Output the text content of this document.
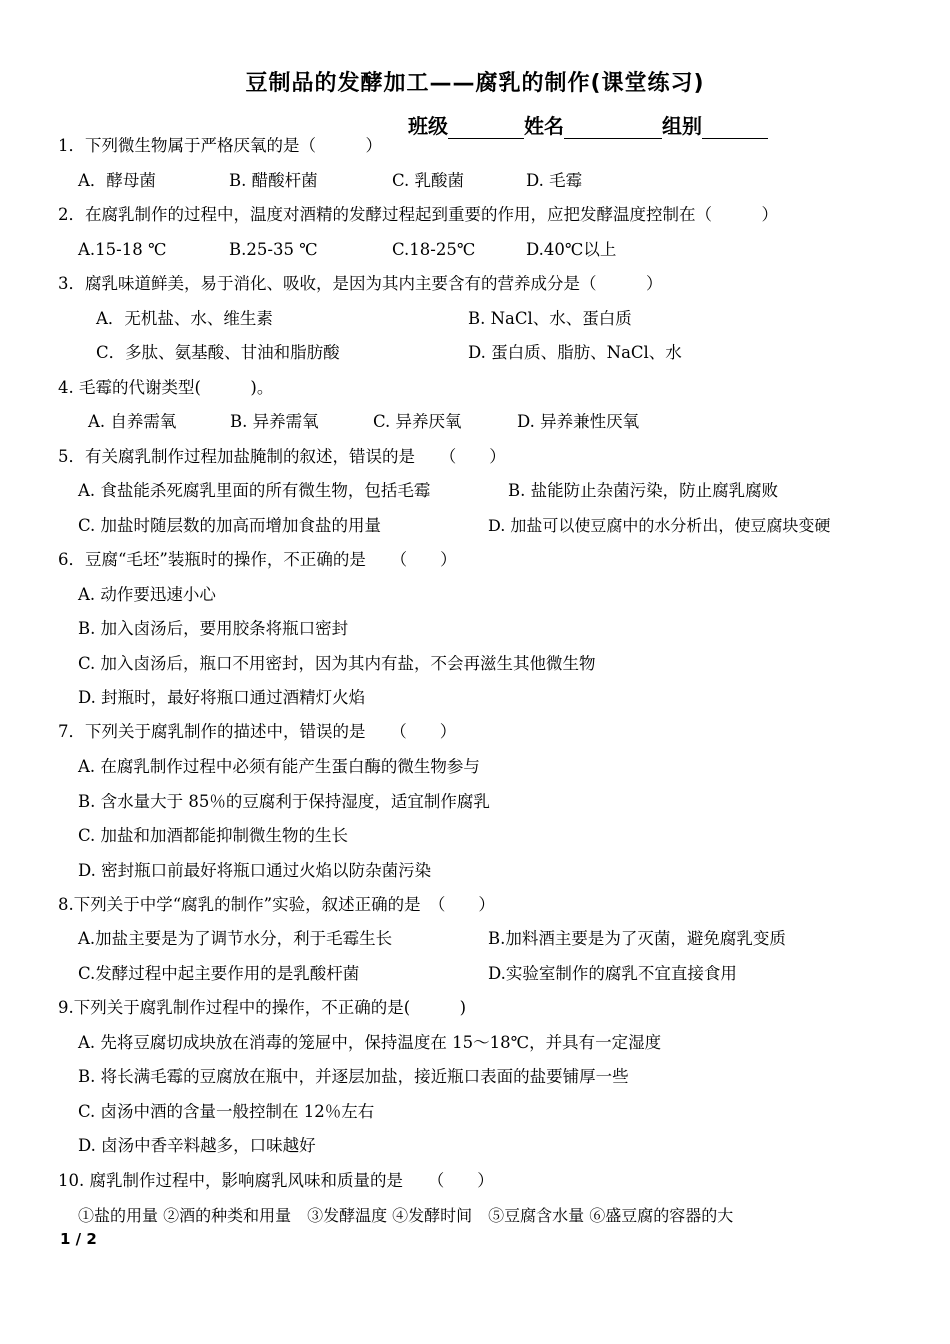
豆制品的发酵加工——腐乳的制作(课堂练习)
班级	姓名	组别
1．下列微生物属于严格厌氧的是（　　　）
A．酵母菌	B. 醋酸杆菌	C. 乳酸菌	D. 毛霉
2．在腐乳制作的过程中，温度对酒精的发酵过程起到重要的作用，应把发酵温度控制在（　　　）
A.15-18 ℃	B.25-35 ℃	C.18-25℃	D.40℃以上
3．腐乳味道鲜美，易于消化、吸收，是因为其内主要含有的营养成分是（　　　）
A．无机盐、水、维生素	B. NaCl、水、蛋白质
C．多肽、氨基酸、甘油和脂肪酸	D. 蛋白质、脂肪、NaCl、水
4. 毛霉的代谢类型(　　　)。
A. 自养需氧	B. 异养需氧	C. 异养厌氧	D. 异养兼性厌氧
5．有关腐乳制作过程加盐腌制的叙述，错误的是　　（　　）
A. 食盐能杀死腐乳里面的所有微生物，包括毛霉	B. 盐能防止杂菌污染，防止腐乳腐败
C. 加盐时随层数的加高而增加食盐的用量	D. 加盐可以使豆腐中的水分析出，使豆腐块变硬
6．豆腐“毛坯”装瓶时的操作，不正确的是　　（　　）
A. 动作要迅速小心
B. 加入卤汤后，要用胶条将瓶口密封
C. 加入卤汤后，瓶口不用密封，因为其内有盐，不会再滋生其他微生物
D. 封瓶时，最好将瓶口通过酒精灯火焰
7．下列关于腐乳制作的描述中，错误的是　　（　　）
A. 在腐乳制作过程中必须有能产生蛋白酶的微生物参与
B. 含水量大于 85％的豆腐利于保持湿度，适宜制作腐乳
C. 加盐和加酒都能抑制微生物的生长
D. 密封瓶口前最好将瓶口通过火焰以防杂菌污染
8.下列关于中学“腐乳的制作”实验，叙述正确的是　（　　）
A.加盐主要是为了调节水分，利于毛霉生长	B.加料酒主要是为了灭菌，避免腐乳变质
C.发酵过程中起主要作用的是乳酸杆菌	D.实验室制作的腐乳不宜直接食用
9.下列关于腐乳制作过程中的操作，不正确的是(　　　)
A. 先将豆腐切成块放在消毒的笼屉中，保持温度在 15～18℃，并具有一定湿度
B. 将长满毛霉的豆腐放在瓶中，并逐层加盐，接近瓶口表面的盐要铺厚一些
C. 卤汤中酒的含量一般控制在 12％左右
D. 卤汤中香辛料越多，口味越好
10. 腐乳制作过程中，影响腐乳风味和质量的是　　（　　）
①盐的用量 ②酒的种类和用量　③发酵温度 ④发酵时间　⑤豆腐含水量 ⑥盛豆腐的容器的大
1 / 2
